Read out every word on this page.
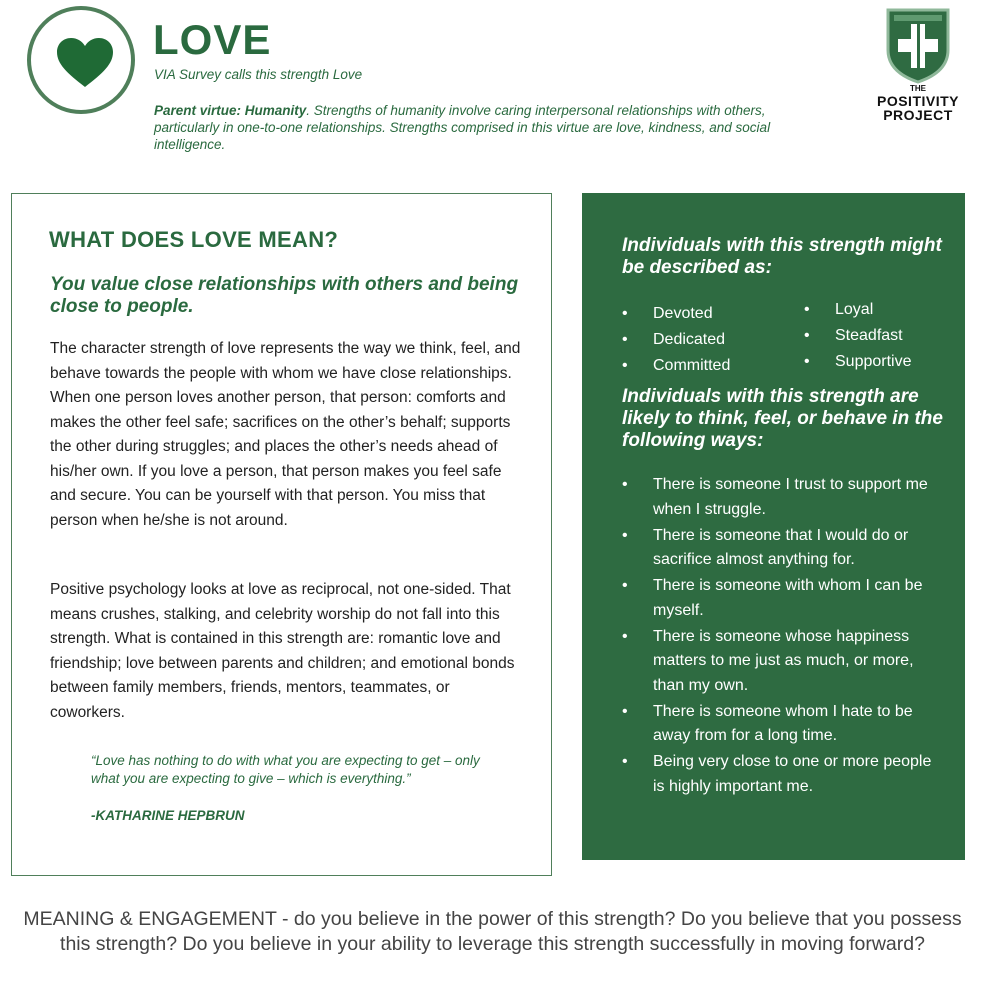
LOVE
VIA Survey calls this strength Love

Parent virtue: Humanity. Strengths of humanity involve caring interpersonal relationships with others, particularly in one-to-one relationships. Strengths comprised in this virtue are love, kindness, and social intelligence.

THE
POSITIVITY
PROJECT
WHAT DOES LOVE MEAN?

You value close relationships with others and being close to people.

The character strength of love represents the way we think, feel, and behave towards the people with whom we have close relationships. When one person loves another person, that person: comforts and makes the other feel safe; sacrifices on the other’s behalf; supports the other during struggles; and places the other’s needs ahead of his/her own. If you love a person, that person makes you feel safe and secure. You can be yourself with that person. You miss that person when he/she is not around.

Positive psychology looks at love as reciprocal, not one-sided. That means crushes, stalking, and celebrity worship do not fall into this strength. What is contained in this strength are: romantic love and friendship; love between parents and children; and emotional bonds between family members, friends, mentors, teammates, or coworkers.

“Love has nothing to do with what you are expecting to get – only what you are expecting to give – which is everything.”

-KATHARINE HEPBRUN
Individuals with this strength might be described as:
• Devoted
• Dedicated
• Committed
• Loyal
• Steadfast
• Supportive
Individuals with this strength are likely to think, feel, or behave in the following ways:
• There is someone I trust to support me when I struggle.
• There is someone that I would do or sacrifice almost anything for.
• There is someone with whom I can be myself.
• There is someone whose happiness matters to me just as much, or more, than my own.
• There is someone whom I hate to be away from for a long time.
• Being very close to one or more people is highly important me.

MEANING & ENGAGEMENT - do you believe in the power of this strength? Do you believe that you possess this strength? Do you believe in your ability to leverage this strength successfully in moving forward?
